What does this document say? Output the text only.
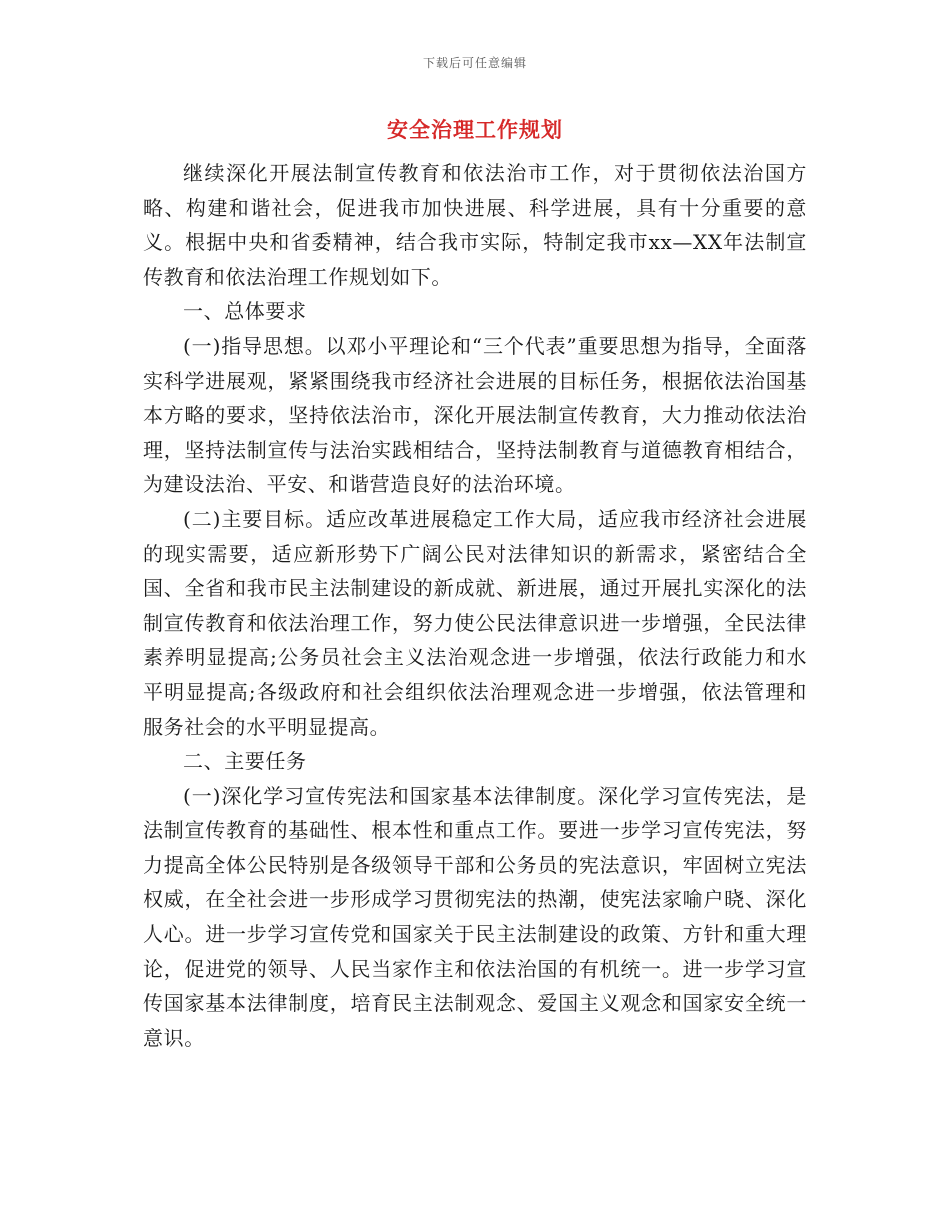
下载后可任意编辑
安全治理工作规划

继续深化开展法制宣传教育和依法治市工作，对于贯彻依法治国方略、构建和谐社会，促进我市加快进展、科学进展，具有十分重要的意义。根据中央和省委精神，结合我市实际，特制定我市xx—XX年法制宣传教育和依法治理工作规划如下。

一、总体要求

(一)指导思想。以邓小平理论和“三个代表”重要思想为指导，全面落实科学进展观，紧紧围绕我市经济社会进展的目标任务，根据依法治国基本方略的要求，坚持依法治市，深化开展法制宣传教育，大力推动依法治理，坚持法制宣传与法治实践相结合，坚持法制教育与道德教育相结合，为建设法治、平安、和谐营造良好的法治环境。

(二)主要目标。适应改革进展稳定工作大局，适应我市经济社会进展的现实需要，适应新形势下广阔公民对法律知识的新需求，紧密结合全国、全省和我市民主法制建设的新成就、新进展，通过开展扎实深化的法制宣传教育和依法治理工作，努力使公民法律意识进一步增强，全民法律素养明显提高;公务员社会主义法治观念进一步增强，依法行政能力和水平明显提高;各级政府和社会组织依法治理观念进一步增强，依法管理和服务社会的水平明显提高。

二、主要任务

(一)深化学习宣传宪法和国家基本法律制度。深化学习宣传宪法，是法制宣传教育的基础性、根本性和重点工作。要进一步学习宣传宪法，努力提高全体公民特别是各级领导干部和公务员的宪法意识，牢固树立宪法权威，在全社会进一步形成学习贯彻宪法的热潮，使宪法家喻户晓、深化人心。进一步学习宣传党和国家关于民主法制建设的政策、方针和重大理论，促进党的领导、人民当家作主和依法治国的有机统一。进一步学习宣传国家基本法律制度，培育民主法制观念、爱国主义观念和国家安全统一意识。
